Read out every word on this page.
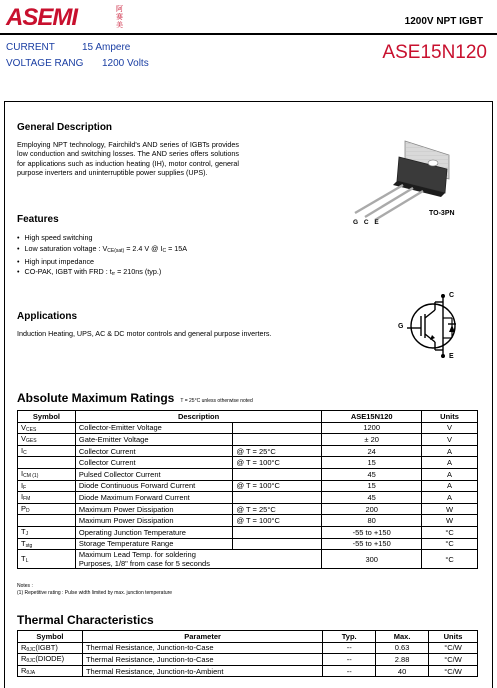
ASEMI	阿赛美	1200V NPT IGBT
CURRENT	15 Ampere
VOLTAGE RANG 1200 Volts
ASE15N120
General Description
Employing NPT technology, Fairchild's AND series of IGBTs provides low conduction and switching losses. The AND series offers solutions for applications such as induction heating (IH), motor control, general purpose inverters and uninterruptible power supplies (UPS).
G C E
TO-3PN
Features
• High speed switching
• Low saturation voltage : $V_{CE(sat)} = 2.4$ V @ $I_C = 15A$
• High input impedance
• CO-PAK, IGBT with FRD : $t_{rr} = 210ns$ (typ.)
Applications
Induction Heating, UPS, AC & DC motor controls and general purpose inverters.
C
G
E
Absolute Maximum Ratings T = 25°C unless otherwise noted
Symbol	Description		ASE15N120	Units
$V_{CES}$	Collector-Emitter Voltage		1200	V
$V_{GES}$	Gate-Emitter Voltage		± 20	V
$I_C$	Collector Current	@ T = 25°C	24	A
	Collector Current	@ T = 100°C	15	A
$I_{CM (1)}$	Pulsed Collector Current		45	A
$I_F$	Diode Continuous Forward Current	@ T = 100°C	15	A
$I_{FM}$	Diode Maximum Forward Current		45	A
$P_D$	Maximum Power Dissipation	@ T = 25°C	200	W
	Maximum Power Dissipation	@ T = 100°C	80	W
$T_J$	Operating Junction Temperature		-55 to +150	°C
$T_{stg}$	Storage Temperature Range		-55 to +150	°C
$T_L$	Maximum Lead Temp. for soldering
Purposes, 1/8" from case for 5 seconds		300	°C
Notes :
(1) Repetitive rating : Pulse width limited by max. junction temperature
Thermal Characteristics
Symbol	Parameter	Typ.	Max.	Units
$R_{\theta JC}(IGBT)$	Thermal Resistance, Junction-to-Case	--	0.63	°C/W
$R_{\theta JC}(DIODE)$	Thermal Resistance, Junction-to-Case	--	2.88	°C/W
$R_{\theta JA}$	Thermal Resistance, Junction-to-Ambient	--	40	°C/W
